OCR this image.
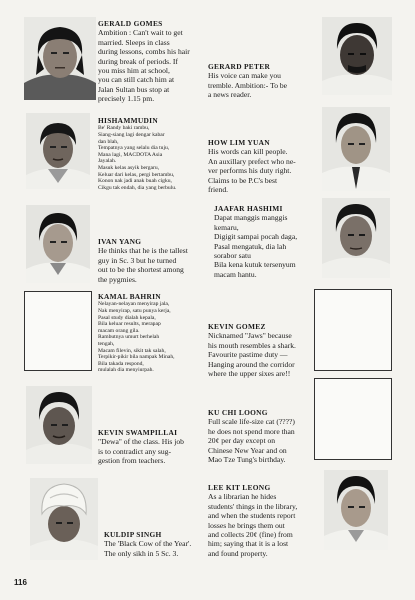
GERALD GOMES
Ambition : Can't wait to get
married. Sleeps in class
during lessons, combs his hair
during break of periods. If
you miss him at school,
you can still catch him at
Jalan Sultan bus stop at
precisely 1.15 pm.
GERARD PETER
His voice can make you
tremble. Ambition:- To be
a news reader.
HISHAMMUDIN
Be' Randy baki rambu,
Siang-siang lagi dengar kabar
dan blah,
Tempatnya yang selalu dia tuju,
Mana lagi, MACDOTA Asia
Jayalah.
Masuk kelas asyik bergaru,
Keluar dari kelas, pergi bertambu,
Konon nak jadi anak buah cigku,
Cikgu tak endah, dia yang berbulu.
HOW LIM YUAN
His words can kill people.
An auxillary prefect who ne-
ver performs his duty right.
Claims to be P.C's best
friend.
JAAFAR HASHIMI
Dapat manggis manggis
kemaru,
Digigit sampai pocah daga,
Pasal mengatuk, dia lah
sorabor satu
Bila kena kutuk tersenyum
macam hantu.
IVAN YANG
He thinks that he is the tallest
guy in Sc. 3 but he turned
out to be the shortest among
the pygmies.
KAMAL BAHRIN
Nelayan-nelayan menyirap jala,
Nak menyirap, satu punya kerja,
Pasal study dialah kepala,
Bila keluar results, merapap
macam orang gila.
Rambutnya umurt berhelah
tengah,
Macam filevin, sikit tak salah,
Terpikir-pikir bila nampak Minah,
Bila takada respond,
mulalah dia menyiurpah.
KEVIN GOMEZ
Nicknamed "Jaws" because
his mouth resembles a shark.
Favourite pastime duty —
Hanging around the corridor
where the upper sixes are!!
KU CHI LOONG
Full scale life-size cat (????)
he does not spend more than
20¢ per day except on
Chinese New Year and on
Mao Tze Tung's birthday.
KEVIN SWAMPILLAI
"Dewa" of the class. His job
is to contradict any sug-
gestion from teachers.
LEE KIT LEONG
As a librarian he hides
students' things in the library,
and when the students report
losses he brings them out
and collects 20¢ (fine) from
him; saying that it is a lost
and found property.
KULDIP SINGH
The 'Black Cow of the Year'.
The only sikh in 5 Sc. 3.
116
